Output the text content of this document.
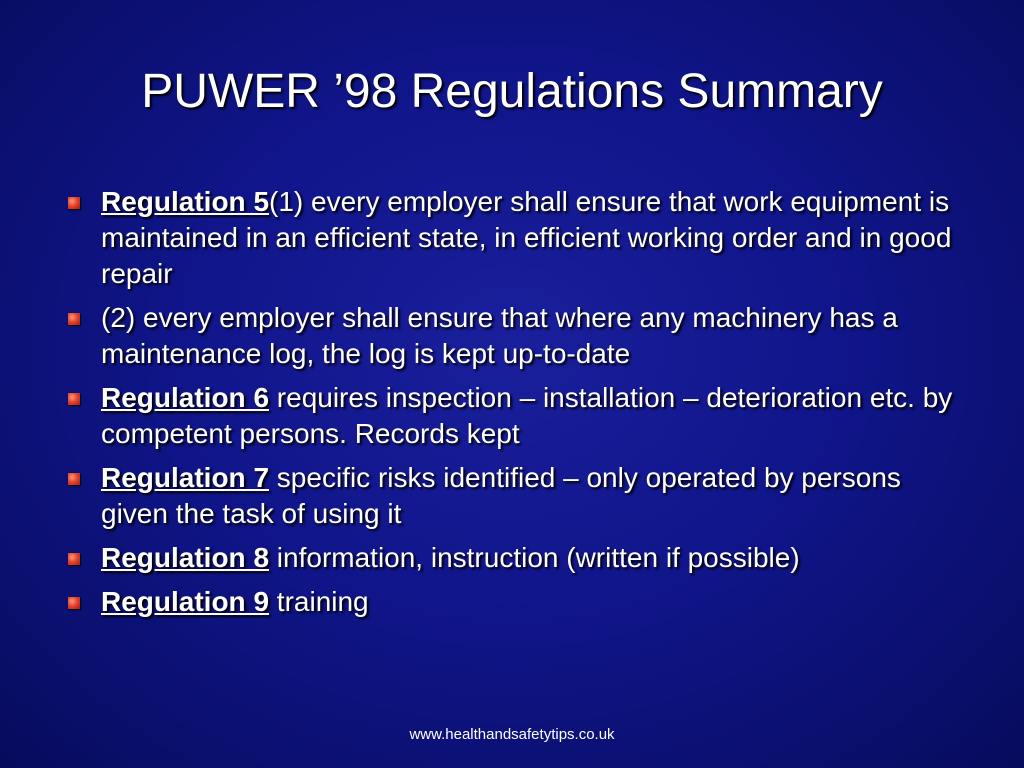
PUWER ’98 Regulations Summary
Regulation 5(1) every employer shall ensure that work equipment is maintained in an efficient state, in efficient working order and in good repair
(2) every employer shall ensure that where any machinery has a maintenance log, the log is kept up-to-date
Regulation 6 requires inspection – installation – deterioration etc. by competent persons. Records kept
Regulation 7 specific risks identified – only operated by persons given the task of using it
Regulation 8 information, instruction (written if possible)
Regulation 9 training
www.healthandsafetytips.co.uk
